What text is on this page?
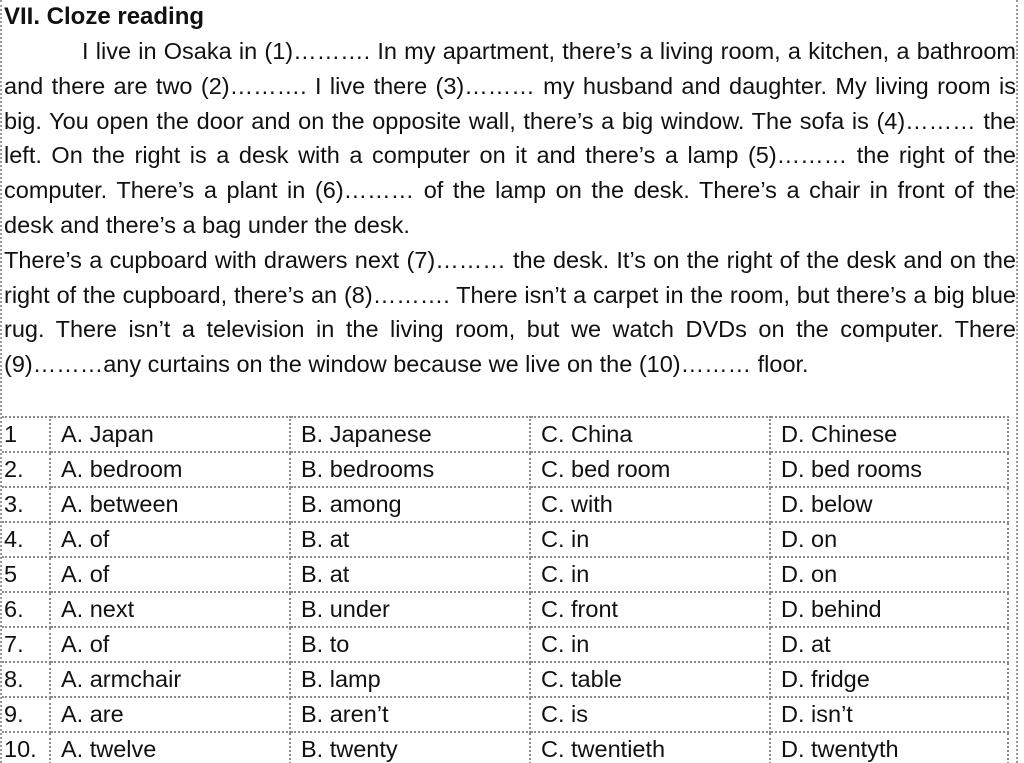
VII. Cloze reading

I live in Osaka in (1)………. In my apartment, there’s a living room, a kitchen, a bathroom and there are two (2)………. I live there (3)……… my husband and daughter. My living room is big. You open the door and on the opposite wall, there’s a big window. The sofa is (4)……… the left. On the right is a desk with a computer on it and there’s a lamp (5)……… the right of the computer. There’s a plant in (6)……… of the lamp on the desk. There’s a chair in front of the desk and there’s a bag under the desk.

There’s a cupboard with drawers next (7)……… the desk. It’s on the right of the desk and on the right of the cupboard, there’s an (8)………. There isn’t a carpet in the room, but there’s a big blue rug. There isn’t a television in the living room, but we watch DVDs on the computer. There (9)………any curtains on the window because we live on the (10)……… floor.

1	A. Japan	B. Japanese	C. China	D. Chinese
2.	A. bedroom	B. bedrooms	C. bed room	D. bed rooms
3.	A. between	B. among	C. with	D. below
4.	A. of	B. at	C. in	D. on
5	A. of	B. at	C. in	D. on
6.	A. next	B. under	C. front	D. behind
7.	A. of	B. to	C. in	D. at
8.	A. armchair	B. lamp	C. table	D. fridge
9.	A. are	B. aren’t	C. is	D. isn’t
10.	A. twelve	B. twenty	C. twentieth	D. twentyth
